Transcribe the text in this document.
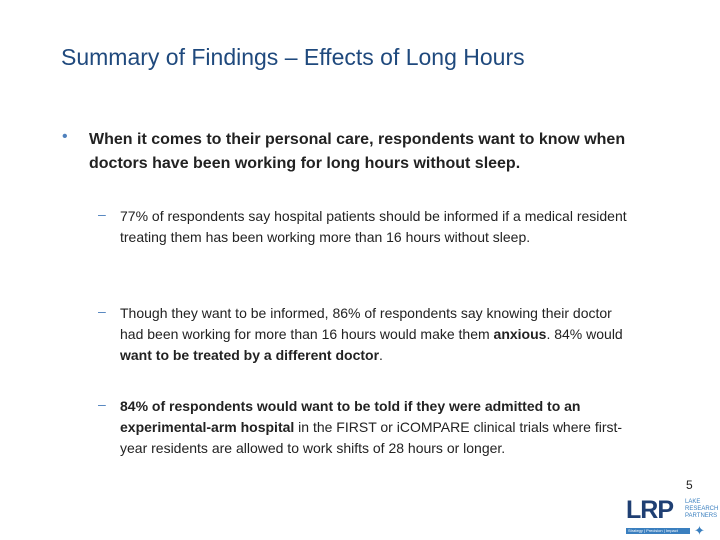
Summary of Findings – Effects of Long Hours
• When it comes to their personal care, respondents want to know when doctors have been working for long hours without sleep.
– 77% of respondents say hospital patients should be informed if a medical resident treating them has been working more than 16 hours without sleep.
– Though they want to be informed, 86% of respondents say knowing their doctor had been working for more than 16 hours would make them anxious. 84% would want to be treated by a different doctor.
– 84% of respondents would want to be told if they were admitted to an experimental-arm hospital in the FIRST or iCOMPARE clinical trials where first-year residents are allowed to work shifts of 28 hours or longer.
5
LRP LAKE RESEARCH PARTNERS
Strategy | Precision | Impact	✦
